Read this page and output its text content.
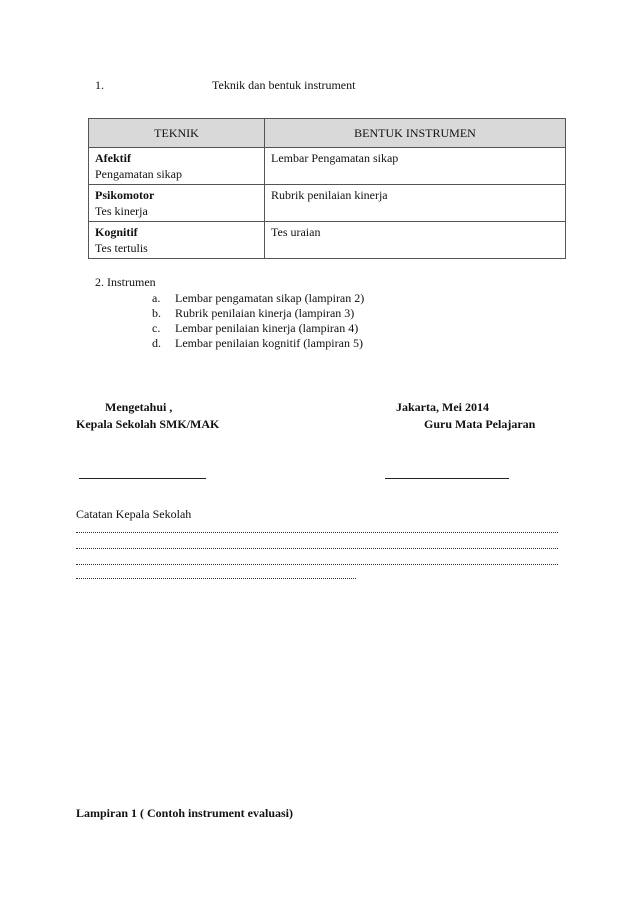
1.	Teknik dan bentuk instrument
TEKNIK	BENTUK INSTRUMEN

Afektif
Pengamatan sikap	Lembar Pengamatan sikap

Psikomotor
Tes kinerja	Rubrik penilaian kinerja

Kognitif
Tes tertulis	Tes uraian
2. Instrumen
a. Lembar pengamatan sikap (lampiran 2)
b. Rubrik penilaian kinerja (lampiran 3)
c. Lembar penilaian kinerja (lampiran 4)
d. Lembar penilaian kognitif (lampiran 5)
Mengetahui ,
Kepala Sekolah SMK/MAK
Jakarta, Mei 2014
Guru Mata Pelajaran
Catatan Kepala Sekolah
Lampiran 1 ( Contoh instrument evaluasi)
